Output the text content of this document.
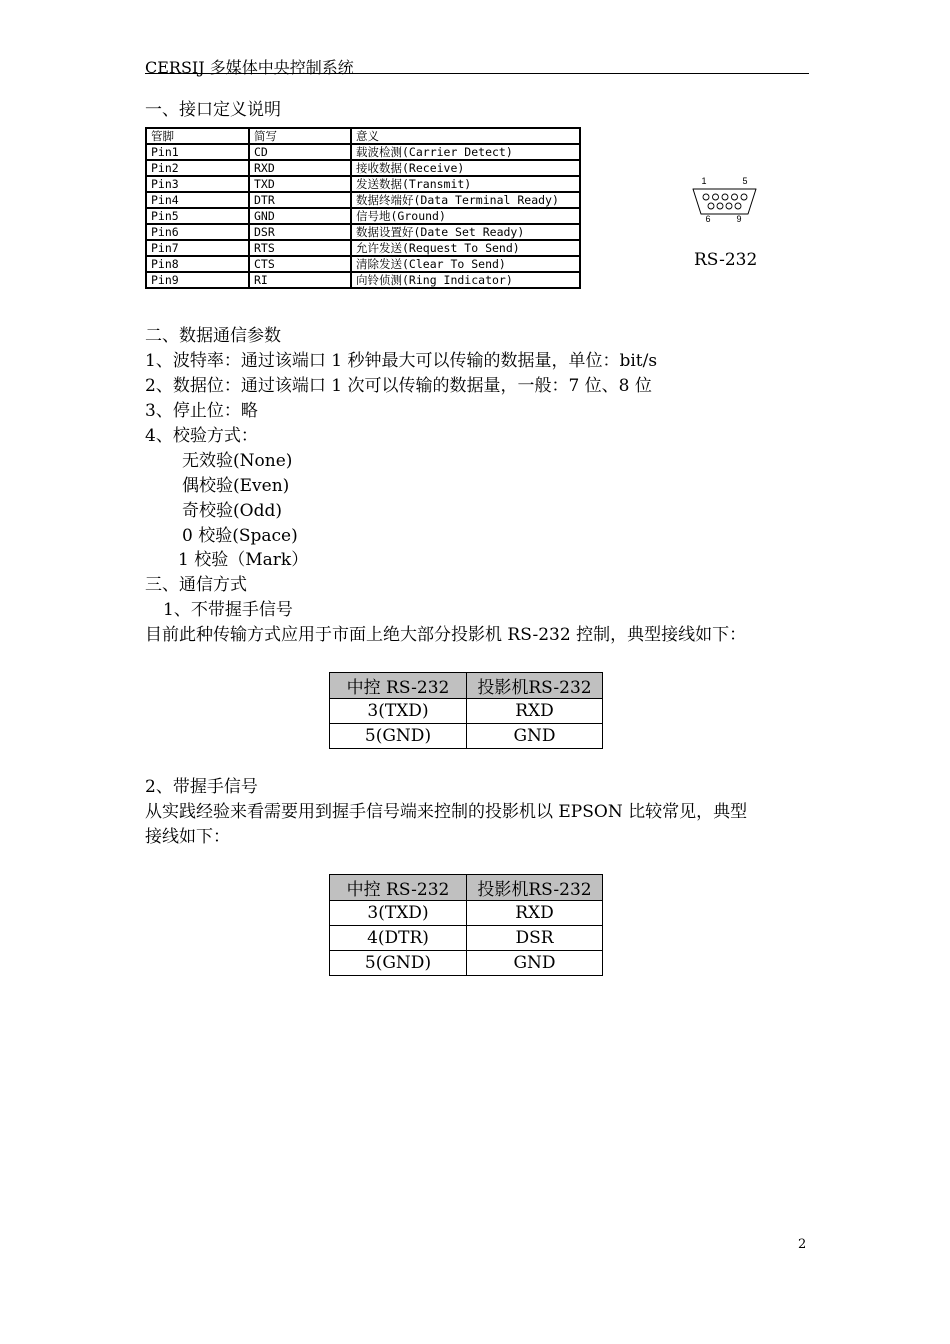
CERSIJ 多媒体中央控制系统
一、接口定义说明
管脚	简写	意义
Pin1	CD	载波检测(Carrier Detect)
Pin2	RXD	接收数据(Receive)
Pin3	TXD	发送数据(Transmit)
Pin4	DTR	数据终端好(Data Terminal Ready)
Pin5	GND	信号地(Ground)
Pin6	DSR	数据设置好(Date Set Ready)
Pin7	RTS	允许发送(Request To Send)
Pin8	CTS	清除发送(Clear To Send)
Pin9	RI	向铃侦测(Ring Indicator)
1	5
6	9
RS-232
二、数据通信参数
1、波特率：通过该端口 1 秒钟最大可以传输的数据量，单位：bit/s
2、数据位：通过该端口 1 次可以传输的数据量，一般：7 位、8 位
3、停止位：略
4、校验方式：
无效验(None)
偶校验(Even)
奇校验(Odd)
0 校验(Space)
1 校验（Mark）
三、通信方式
1、不带握手信号
目前此种传输方式应用于市面上绝大部分投影机 RS-232 控制，典型接线如下：
中控 RS-232	投影机RS-232
3(TXD)	RXD
5(GND)	GND
2、带握手信号
从实践经验来看需要用到握手信号端来控制的投影机以 EPSON 比较常见，典型
接线如下：
中控 RS-232	投影机RS-232
3(TXD)	RXD
4(DTR)	DSR
5(GND)	GND
2
